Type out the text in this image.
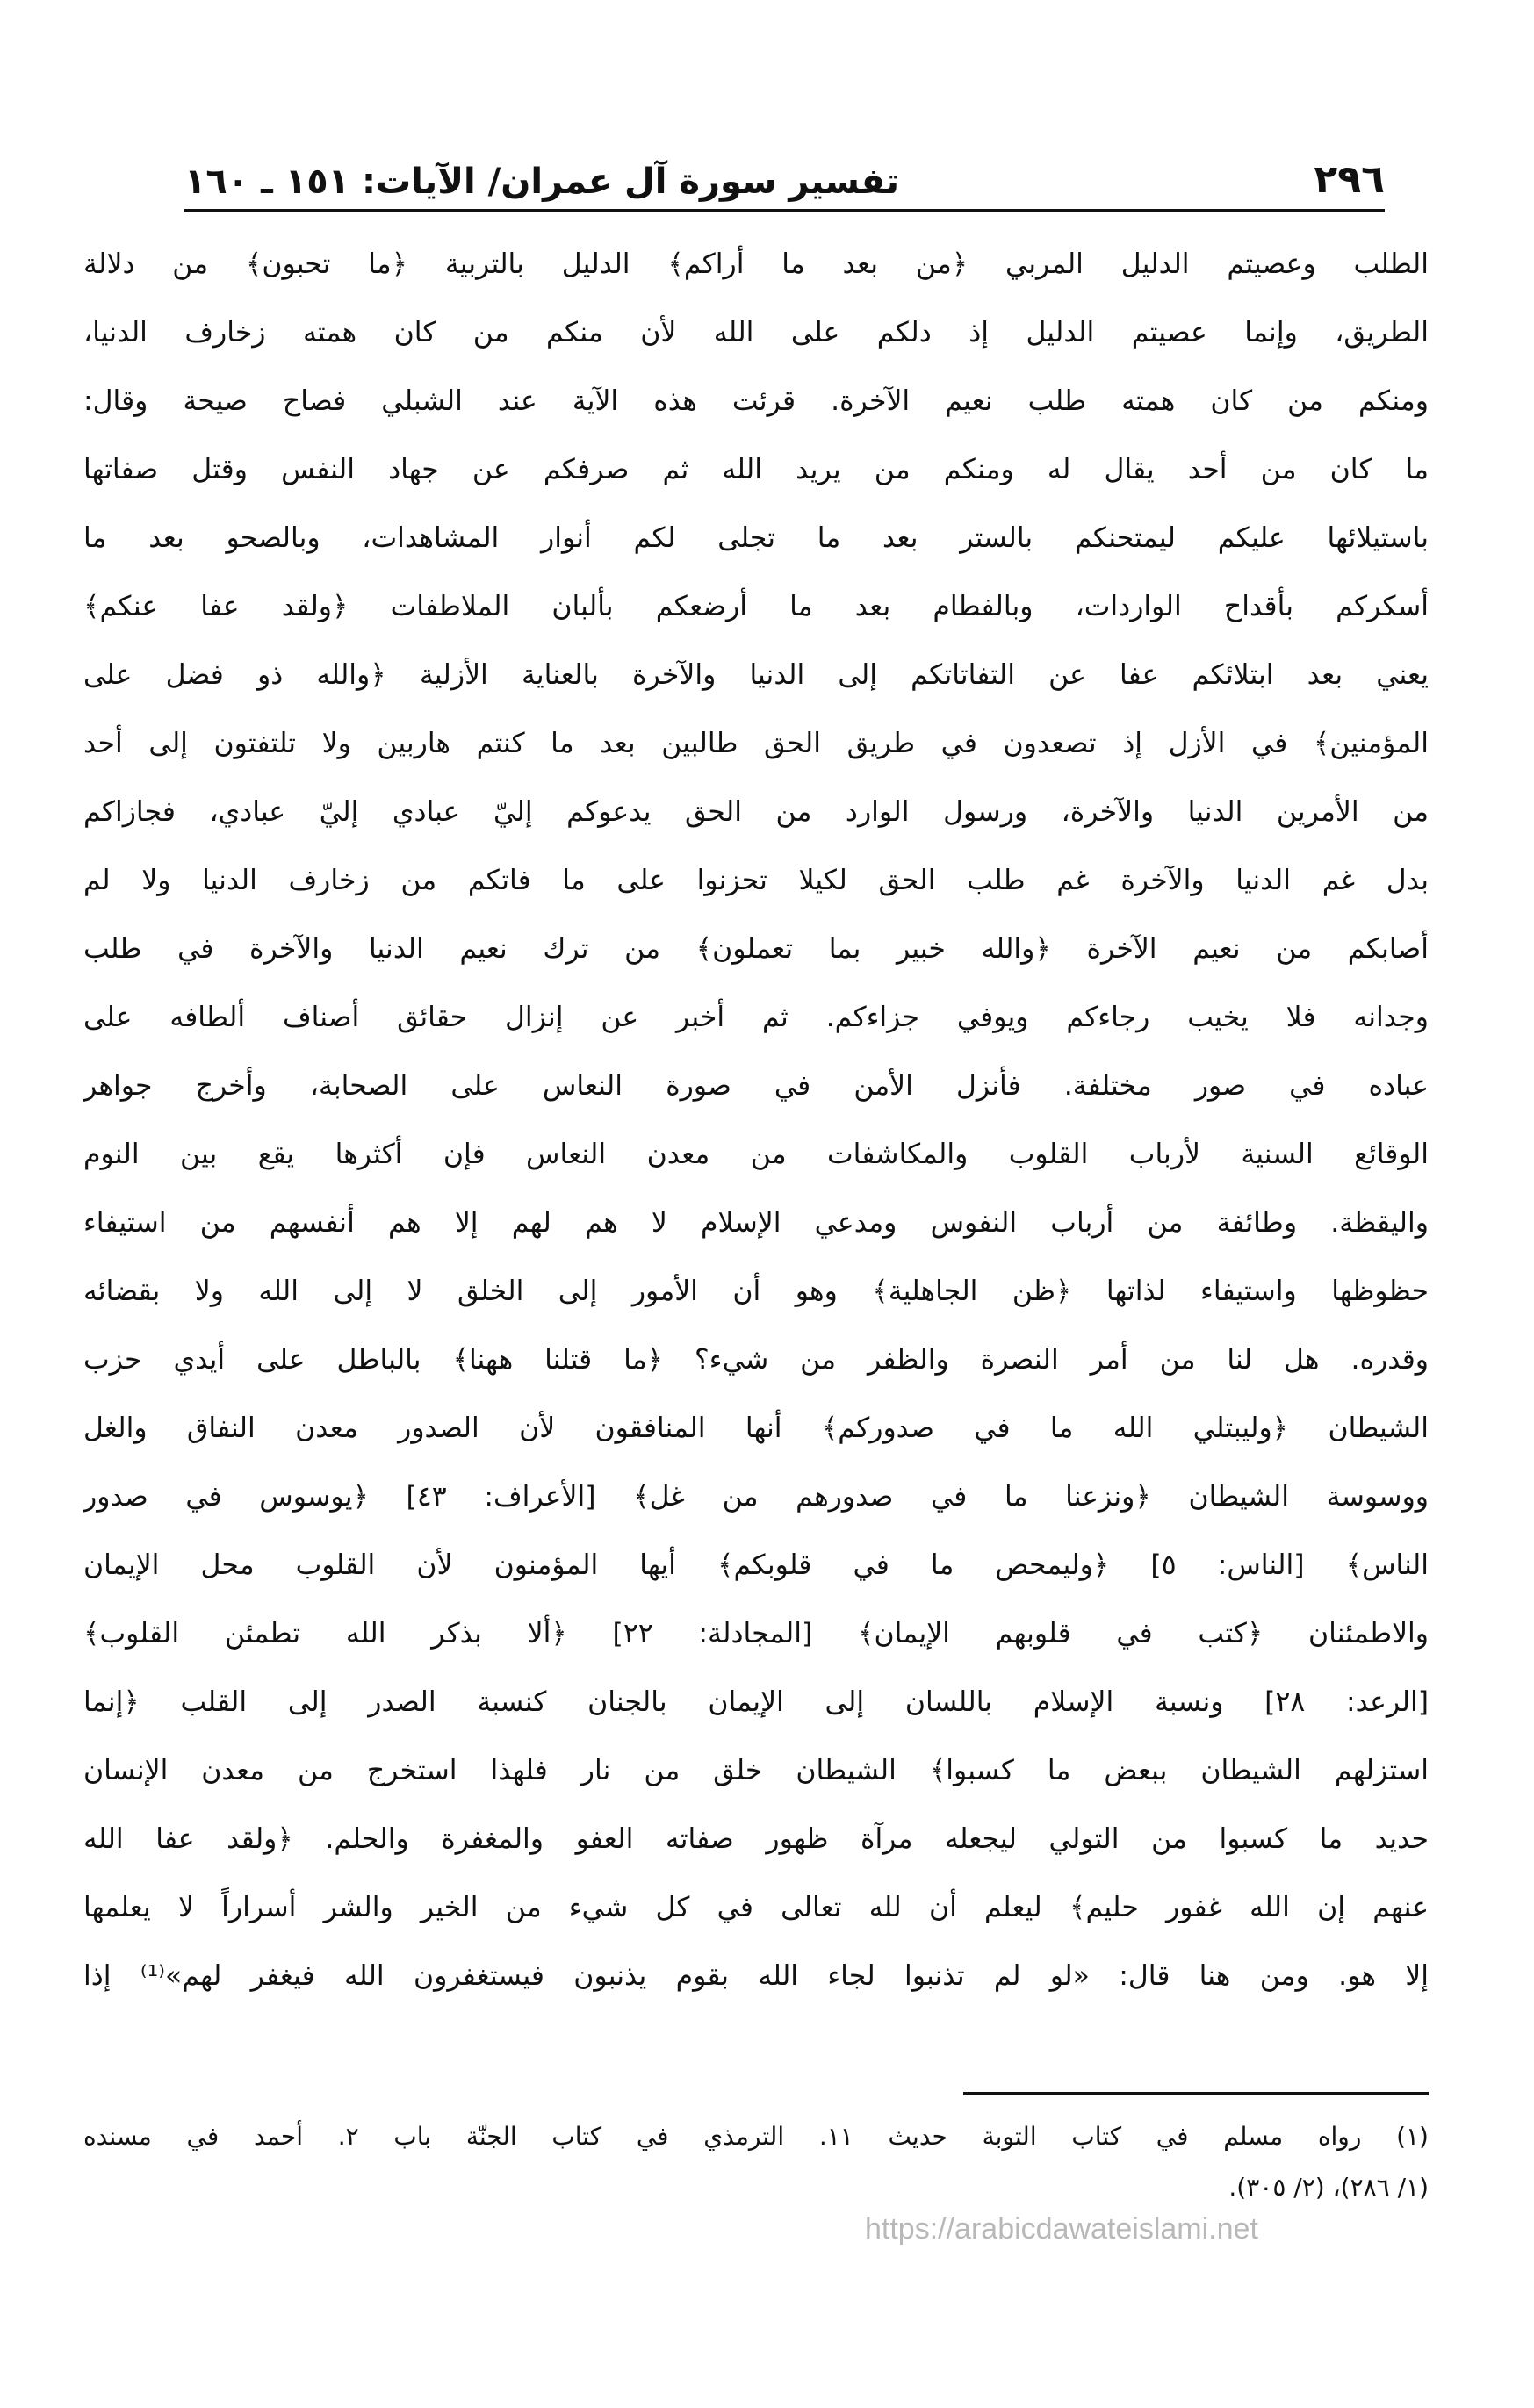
٢٩٦
تفسير سورة آل عمران/ الآيات: ١٥١ ـ ١٦٠
الطلب وعصيتم الدليل المربي ﴿من بعد ما أراكم﴾ الدليل بالتربية ﴿ما تحبون﴾ من دلالة
الطريق، وإنما عصيتم الدليل إذ دلكم على الله لأن منكم من كان همته زخارف الدنيا،
ومنكم من كان همته طلب نعيم الآخرة. قرئت هذه الآية عند الشبلي فصاح صيحة وقال:
ما كان من أحد يقال له ومنكم من يريد الله ثم صرفكم عن جهاد النفس وقتل صفاتها
باستيلائها عليكم ليمتحنكم بالستر بعد ما تجلى لكم أنوار المشاهدات، وبالصحو بعد ما
أسكركم بأقداح الواردات، وبالفطام بعد ما أرضعكم بألبان الملاطفات ﴿ولقد عفا عنكم﴾
يعني بعد ابتلائكم عفا عن التفاتاتكم إلى الدنيا والآخرة بالعناية الأزلية ﴿والله ذو فضل على
المؤمنين﴾ في الأزل إذ تصعدون في طريق الحق طالبين بعد ما كنتم هاربين ولا تلتفتون إلى أحد
من الأمرين الدنيا والآخرة، ورسول الوارد من الحق يدعوكم إليّ عبادي إليّ عبادي، فجازاكم
بدل غم الدنيا والآخرة غم طلب الحق لكيلا تحزنوا على ما فاتكم من زخارف الدنيا ولا لم
أصابكم من نعيم الآخرة ﴿والله خبير بما تعملون﴾ من ترك نعيم الدنيا والآخرة في طلب
وجدانه فلا يخيب رجاءكم ويوفي جزاءكم. ثم أخبر عن إنزال حقائق أصناف ألطافه على
عباده في صور مختلفة. فأنزل الأمن في صورة النعاس على الصحابة، وأخرج جواهر
الوقائع السنية لأرباب القلوب والمكاشفات من معدن النعاس فإن أكثرها يقع بين النوم
واليقظة. وطائفة من أرباب النفوس ومدعي الإسلام لا هم لهم إلا هم أنفسهم من استيفاء
حظوظها واستيفاء لذاتها ﴿ظن الجاهلية﴾ وهو أن الأمور إلى الخلق لا إلى الله ولا بقضائه
وقدره. هل لنا من أمر النصرة والظفر من شيء؟ ﴿ما قتلنا ههنا﴾ بالباطل على أيدي حزب
الشيطان ﴿وليبتلي الله ما في صدوركم﴾ أنها المنافقون لأن الصدور معدن النفاق والغل
ووسوسة الشيطان ﴿ونزعنا ما في صدورهم من غل﴾ [الأعراف: ٤٣] ﴿يوسوس في صدور
الناس﴾ [الناس: ٥] ﴿وليمحص ما في قلوبكم﴾ أيها المؤمنون لأن القلوب محل الإيمان
والاطمئنان ﴿كتب في قلوبهم الإيمان﴾ [المجادلة: ٢٢] ﴿ألا بذكر الله تطمئن القلوب﴾
[الرعد: ٢٨] ونسبة الإسلام باللسان إلى الإيمان بالجنان كنسبة الصدر إلى القلب ﴿إنما
استزلهم الشيطان ببعض ما كسبوا﴾ الشيطان خلق من نار فلهذا استخرج من معدن الإنسان
حديد ما كسبوا من التولي ليجعله مرآة ظهور صفاته العفو والمغفرة والحلم. ﴿ولقد عفا الله
عنهم إن الله غفور حليم﴾ ليعلم أن لله تعالى في كل شيء من الخير والشر أسراراً لا يعلمها
إلا هو. ومن هنا قال: «لو لم تذنبوا لجاء الله بقوم يذنبون فيستغفرون الله فيغفر لهم»⁽¹⁾ إذا
(١) رواه مسلم في كتاب التوبة حديث ١١. الترمذي في كتاب الجنّة باب ٢. أحمد في مسنده
(١/ ٢٨٦)، (٢/ ٣٠٥).
https://arabicdawateislami.net
